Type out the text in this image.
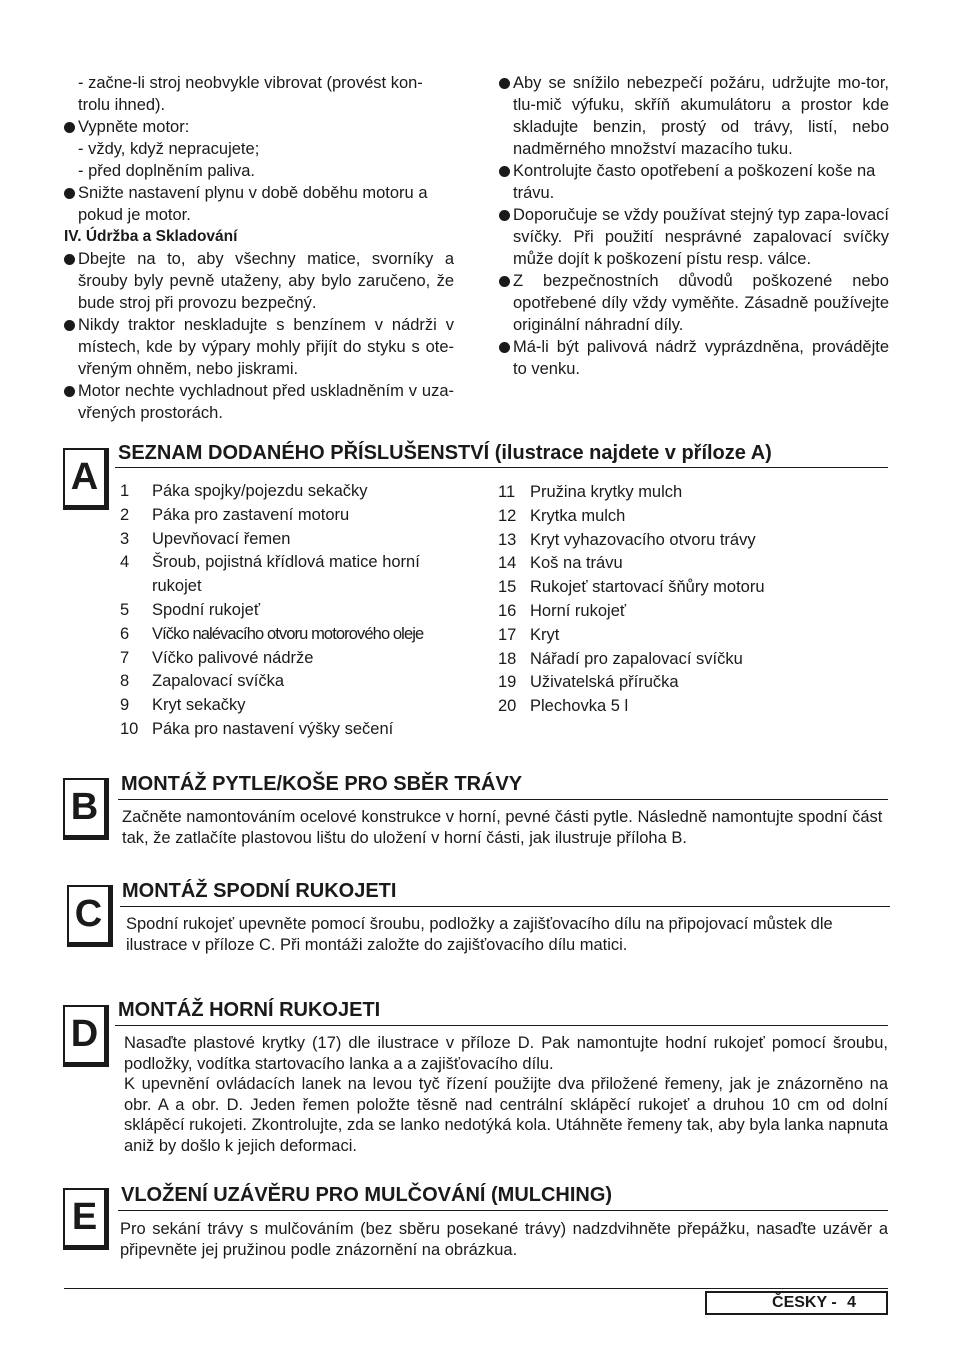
- začne-li stroj neobvykle vibrovat (provést kon-

trolu ihned).

Vypněte motor:

- vždy, když nepracujete;

- před doplněním paliva.

Snižte nastavení plynu v době doběhu motoru a pokud je motor.

IV. Údržba a Skladování

Dbejte na to, aby všechny matice, svorníky a šrouby byly pevně utaženy, aby bylo zaručeno, že bude stroj při provozu bezpečný.

Nikdy traktor neskladujte s benzínem v nádrži v místech, kde by výpary mohly přijít do styku s ote-vřeným ohněm, nebo jiskrami.

Motor nechte vychladnout před uskladněním v uza-vřených prostorách.

Aby se snížilo nebezpečí požáru, udržujte mo-tor, tlu-mič výfuku, skříň akumulátoru a prostor kde skladujte benzin, prostý od trávy, listí, nebo nadměrného množství mazacího tuku.

Kontrolujte často opotřebení a poškození koše na trávu.

Doporučuje se vždy používat stejný typ zapa-lovací svíčky. Při použití nesprávné zapalovací svíčky může dojít k poškození pístu resp. válce.

Z bezpečnostních důvodů poškozené nebo opotřebené díly vždy vyměňte. Zásadně používejte originální náhradní díly.

Má-li být palivová nádrž vyprázdněna, provádějte to venku.

A
SEZNAM DODANÉHO PŘÍSLUŠENSTVÍ (ilustrace najdete v příloze A)
1	Páka spojky/pojezdu sekačky
2	Páka pro zastavení motoru
3	Upevňovací řemen
4	Šroub, pojistná křídlová matice horní rukojet
5	Spodní rukojeť
6	Víčko nalévacího otvoru motorového oleje
7	Víčko palivové nádrže
8	Zapalovací svíčka
9	Kryt sekačky
10 Páka pro nastavení výšky sečení
11 Pružina krytky mulch
12 Krytka mulch
13 Kryt vyhazovacího otvoru trávy
14 Koš na trávu
15 Rukojeť startovací šňůry motoru
16 Horní rukojeť
17 Kryt
18 Nářadí pro zapalovací svíčku
19 Uživatelská příručka
20 Plechovka 5 l
B
MONTÁŽ PYTLE/KOŠE PRO SBĚR TRÁVY

Začněte namontováním ocelové konstrukce v horní, pevné části pytle. Následně namontujte spodní část tak, že zatlačíte plastovou lištu do uložení v horní části, jak ilustruje příloha B.

C
MONTÁŽ SPODNÍ RUKOJETI

Spodní rukojeť upevněte pomocí šroubu, podložky a zajišťovacího dílu na připojovací můstek dle ilustrace v příloze C. Při montáži založte do zajišťovacího dílu matici.

D
MONTÁŽ HORNÍ RUKOJETI

Nasaďte plastové krytky (17) dle ilustrace v příloze D. Pak namontujte hodní rukojeť pomocí šroubu, podložky, vodítka startovacího lanka a a zajišťovacího dílu.

K upevnění ovládacích lanek na levou tyč řízení použijte dva přiložené řemeny, jak je znázorněno na obr. A a obr. D. Jeden řemen položte těsně nad centrální sklápěcí rukojeť a druhou 10 cm od dolní sklápěcí rukojeti. Zkontrolujte, zda se lanko nedotýká kola. Utáhněte řemeny tak, aby byla lanka napnuta aniž by došlo k jejich deformaci.

E
VLOŽENÍ UZÁVĚRU PRO MULČOVÁNÍ (MULCHING)

Pro sekání trávy s mulčováním (bez sběru posekané trávy) nadzdvihněte přepážku, nasaďte uzávěr a připevněte jej pružinou podle znázornění na obrázkua.

ČESKY - 4
